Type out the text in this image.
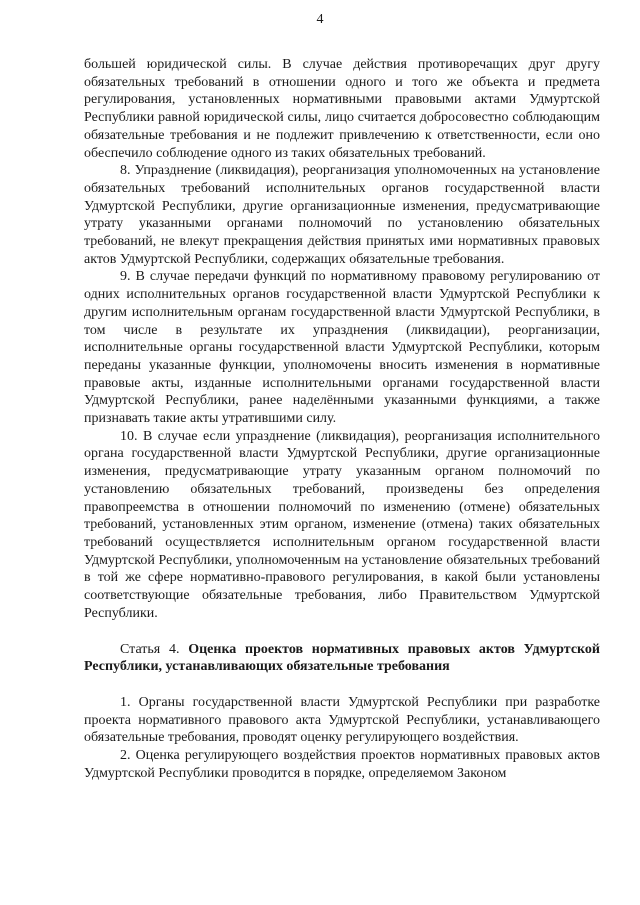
4

большей юридической силы. В случае действия противоречащих друг другу обязательных требований в отношении одного и того же объекта и предмета регулирования, установленных нормативными правовыми актами Удмуртской Республики равной юридической силы, лицо считается добросовестно соблюдающим обязательные требования и не подлежит привлечению к ответственности, если оно обеспечило соблюдение одного из таких обязательных требований.

8. Упразднение (ликвидация), реорганизация уполномоченных на установление обязательных требований исполнительных органов государственной власти Удмуртской Республики, другие организационные изменения, предусматривающие утрату указанными органами полномочий по установлению обязательных требований, не влекут прекращения действия принятых ими нормативных правовых актов Удмуртской Республики, содержащих обязательные требования.

9. В случае передачи функций по нормативному правовому регулированию от одних исполнительных органов государственной власти Удмуртской Республики к другим исполнительным органам государственной власти Удмуртской Республики, в том числе в результате их упразднения (ликвидации), реорганизации, исполнительные органы государственной власти Удмуртской Республики, которым переданы указанные функции, уполномочены вносить изменения в нормативные правовые акты, изданные исполнительными органами государственной власти Удмуртской Республики, ранее наделёнными указанными функциями, а также признавать такие акты утратившими силу.

10. В случае если упразднение (ликвидация), реорганизация исполнительного органа государственной власти Удмуртской Республики, другие организационные изменения, предусматривающие утрату указанным органом полномочий по установлению обязательных требований, произведены без определения правопреемства в отношении полномочий по изменению (отмене) обязательных требований, установленных этим органом, изменение (отмена) таких обязательных требований осуществляется исполнительным органом государственной власти Удмуртской Республики, уполномоченным на установление обязательных требований в той же сфере нормативно-правового регулирования, в какой были установлены соответствующие обязательные требования, либо Правительством Удмуртской Республики.

Статья 4. Оценка проектов нормативных правовых актов Удмуртской Республики, устанавливающих обязательные требования

1. Органы государственной власти Удмуртской Республики при разработке проекта нормативного правового акта Удмуртской Республики, устанавливающего обязательные требования, проводят оценку регулирующего воздействия.

2. Оценка регулирующего воздействия проектов нормативных правовых актов Удмуртской Республики проводится в порядке, определяемом Законом
